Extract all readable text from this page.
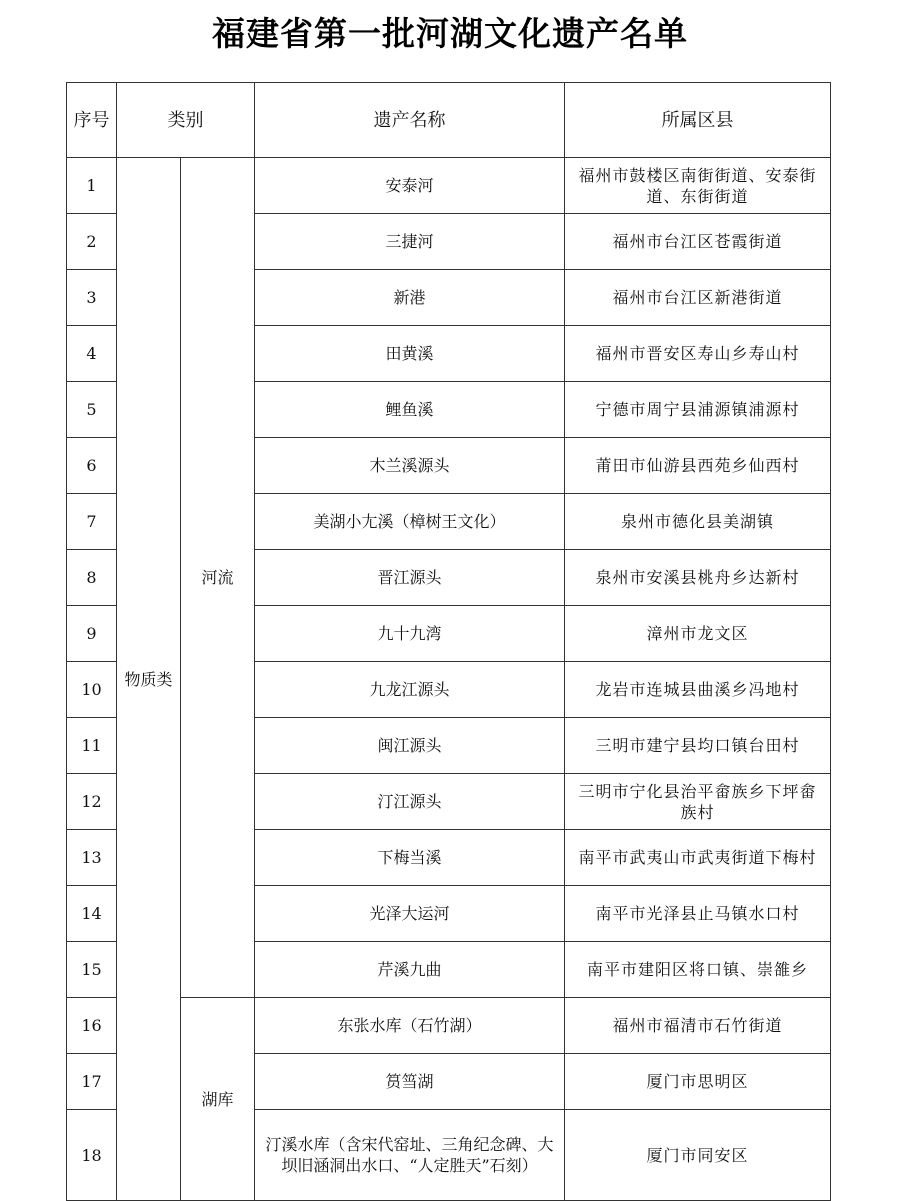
福建省第一批河湖文化遗产名单
序号	类别		遗产名称	所属区县
1	物质类	河流	安泰河	福州市鼓楼区南街街道、安泰街道、东街街道
2			三捷河	福州市台江区苍霞街道
3			新港	福州市台江区新港街道
4			田黄溪	福州市晋安区寿山乡寿山村
5			鲤鱼溪	宁德市周宁县浦源镇浦源村
6			木兰溪源头	莆田市仙游县西苑乡仙西村
7			美湖小尢溪（樟树王文化）	泉州市德化县美湖镇
8			晋江源头	泉州市安溪县桃舟乡达新村
9			九十九湾	漳州市龙文区
10			九龙江源头	龙岩市连城县曲溪乡冯地村
11			闽江源头	三明市建宁县均口镇台田村
12			汀江源头	三明市宁化县治平畲族乡下坪畲族村
13			下梅当溪	南平市武夷山市武夷街道下梅村
14			光泽大运河	南平市光泽县止马镇水口村
15			芹溪九曲	南平市建阳区将口镇、崇雒乡
16		湖库	东张水库（石竹湖）	福州市福清市石竹街道
17			筼筜湖	厦门市思明区
18			汀溪水库（含宋代窑址、三角纪念碑、大坝旧涵洞出水口、“人定胜天”石刻）	厦门市同安区
